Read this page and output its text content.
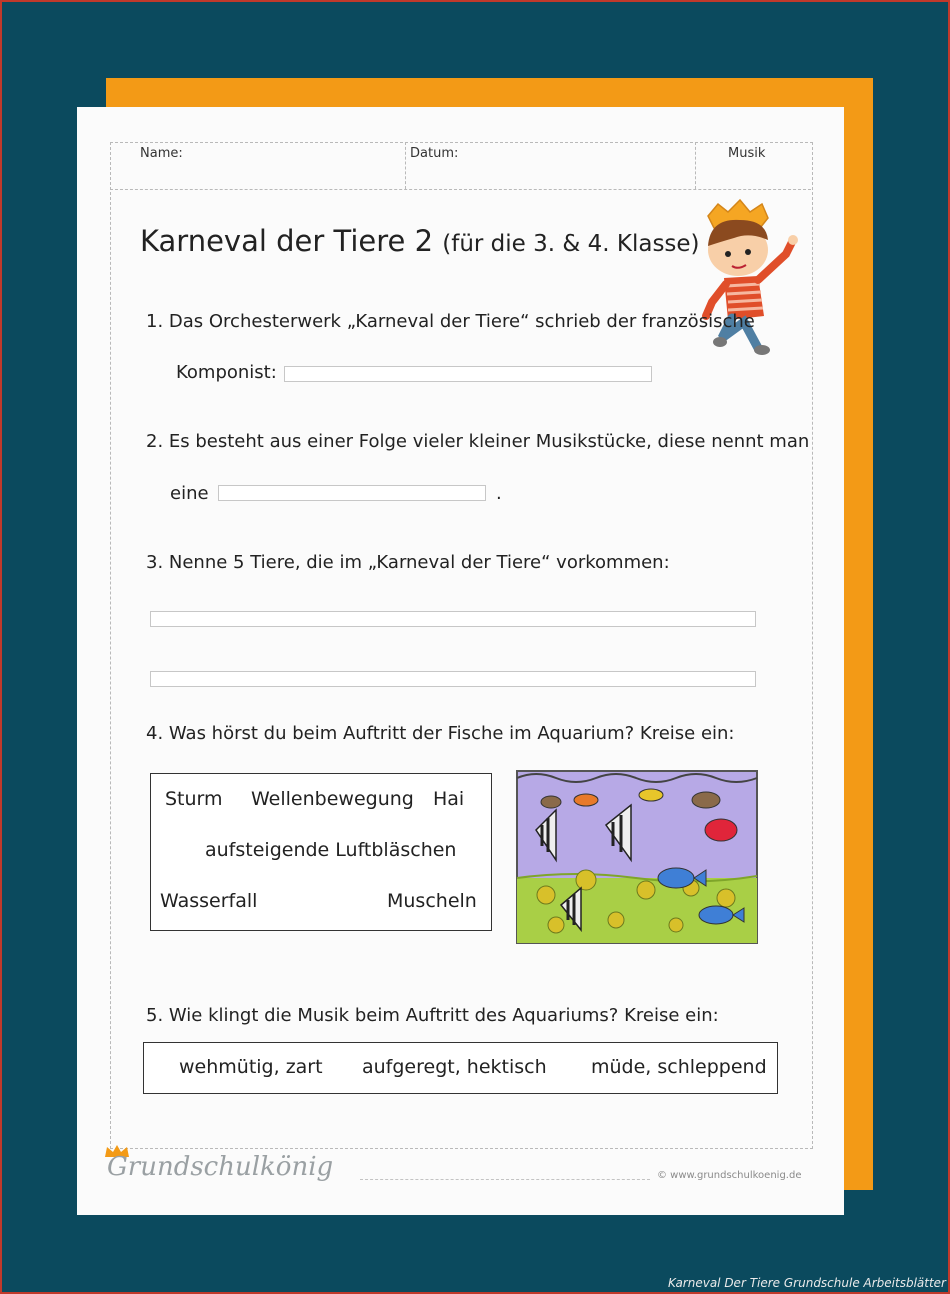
Name:	Datum:	Musik
Karneval der Tiere 2 (für die 3. & 4. Klasse)
1. Das Orchesterwerk „Karneval der Tiere“ schrieb der französische
Komponist:
2. Es besteht aus einer Folge vieler kleiner Musikstücke, diese nennt man
eine	.
3. Nenne 5 Tiere, die im „Karneval der Tiere“ vorkommen:
4. Was hörst du beim Auftritt der Fische im Aquarium? Kreise ein:
Sturm Wellenbewegung Hai
aufsteigende Luftbläschen
Wasserfall	Muscheln
5. Wie klingt die Musik beim Auftritt des Aquariums? Kreise ein:
wehmütig, zart aufgeregt, hektisch müde, schleppend
Grundschulkönig	© www.grundschulkoenig.de
Karneval Der Tiere Grundschule Arbeitsblätter
